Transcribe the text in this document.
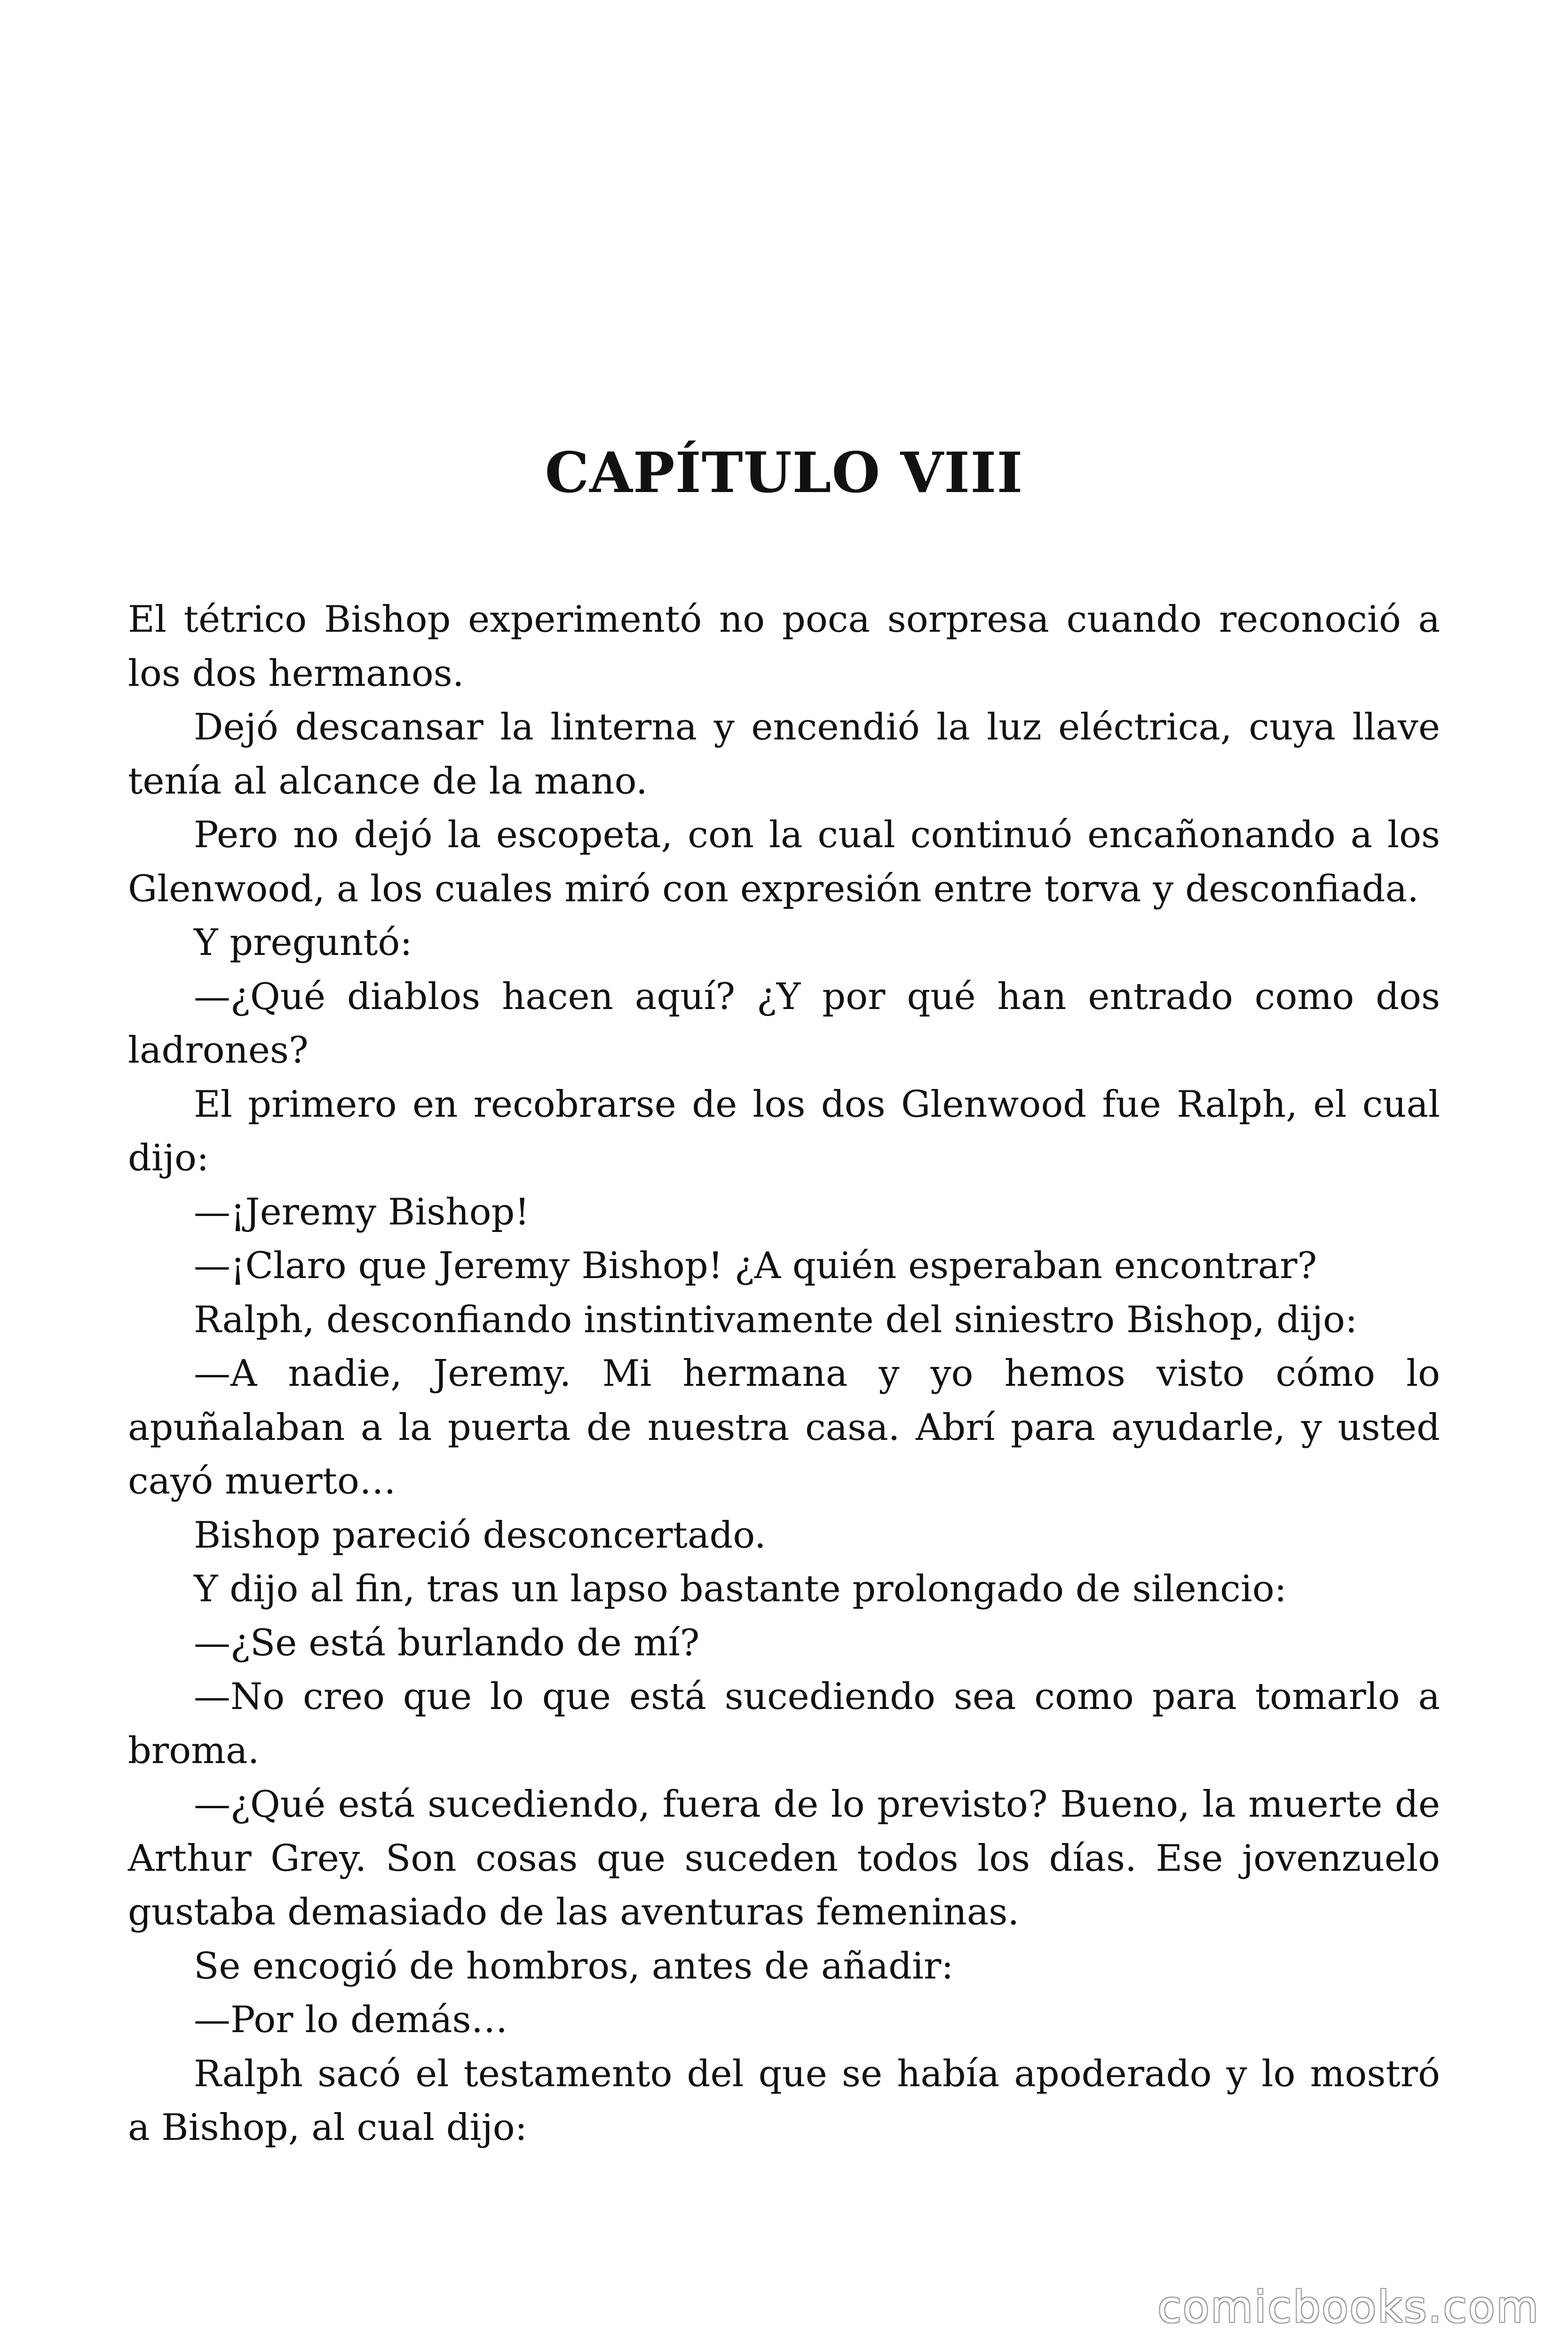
CAPÍTULO VIII

El tétrico Bishop experimentó no poca sorpresa cuando reconoció a los dos hermanos.

Dejó descansar la linterna y encendió la luz eléctrica, cuya llave tenía al alcance de la mano.

Pero no dejó la escopeta, con la cual continuó encañonando a los Glenwood, a los cuales miró con expresión entre torva y desconfiada.

Y preguntó:

—¿Qué diablos hacen aquí? ¿Y por qué han entrado como dos ladrones?

El primero en recobrarse de los dos Glenwood fue Ralph, el cual dijo:

—¡Jeremy Bishop!

—¡Claro que Jeremy Bishop! ¿A quién esperaban encontrar?

Ralph, desconfiando instintivamente del siniestro Bishop, dijo:

—A nadie, Jeremy. Mi hermana y yo hemos visto cómo lo apuñalaban a la puerta de nuestra casa. Abrí para ayudarle, y usted cayó muerto…

Bishop pareció desconcertado.

Y dijo al fin, tras un lapso bastante prolongado de silencio:

—¿Se está burlando de mí?

—No creo que lo que está sucediendo sea como para tomarlo a broma.

—¿Qué está sucediendo, fuera de lo previsto? Bueno, la muerte de Arthur Grey. Son cosas que suceden todos los días. Ese jovenzuelo gustaba demasiado de las aventuras femeninas.

Se encogió de hombros, antes de añadir:

—Por lo demás…

Ralph sacó el testamento del que se había apoderado y lo mostró a Bishop, al cual dijo:

comicbooks.com
